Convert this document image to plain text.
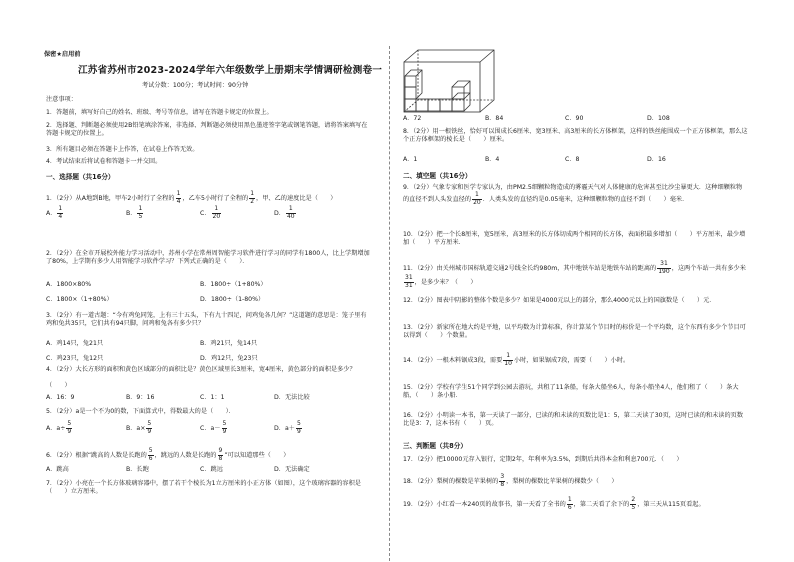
保密★启用前
江苏省苏州市2023-2024学年六年级数学上册期末学情调研检测卷一
考试分数：100分；考试时间：90分钟
注意事项：
1．答题前，填写好自己的姓名、班级、考号等信息，请写在答题卡规定的位置上。
2．选择题、判断题必须使用2B铅笔填涂答案，非选择、判断题必须使用黑色墨迹签字笔或钢笔答题，请将答案填写在答题卡规定的位置上。
3．所有题目必须在答题卡上作答，在试卷上作答无效。
4．考试结束后将试卷和答题卡一并交回。
一、选择题（共16分）
1．（2分）从A地到B地，甲车2小时行了全程的 $\frac{1}{4}$ ，乙车5小时行了全程的 $\frac{1}{2}$ ，甲、乙的速度比是（　　）
A． $\frac{1}{4}$	B． $\frac{1}{5}$	C． $\frac{1}{20}$	D． $\frac{1}{40}$
2．（2分）在全市开展校外能力学习活动中，苏州小学在常州周智能学习软件进行学习的同学有1800人，比上学期增加了80%，上学期有多少人用智能学习软件学习？下列式正确的是（　　）．
A．1800×80%	B．1800÷（1+80%）
C．1800×（1+80%）	D．1800÷（1-80%）
3．（2分）有一道古题：“今有鸡兔同笼，上有三十五头，下有九十四足，问鸡兔各几何？”这道题的意思是：笼子里有鸡和兔共35只，它们共有94只脚，问鸡和兔各有多少只？
A．鸡14只，兔21只	B．鸡21只，兔14只
C．鸡23只，兔12只	D．鸡12只，兔23只
4．（2分）大长方形的面积和黄色区域部分的面积比是？黄色区域里长3厘米，宽4厘米，黄色部分的面积是多少？
（　　）
A．16：9	B．9：16	C．1：1	D．无法比较
5．（2分）a是一个不为0的数，下面算式中，得数最大的是（　　）．
A．$a\div \frac{5}{9}$	B．$a\times \frac{5}{9}$	C．$a- \frac{5}{9}$	D．$a+ \frac{5}{9}$
6．（2分）根据“跳高的人数是长跑的 $\frac{5}{6}$ ，跳远的人数是长跑的 $\frac{9}{8}$ ”可以知道那些（　　）
A．跳高	B．长跑	C．跳远	D．无法确定
7．（2分）小亮在一个长方体玻璃容器中，摆了若干个棱长为1立方厘米的小正方体（如图），这个玻璃容器的容积是（　　）立方厘米。
A．72	B．84	C．90	D．108
8．（2分）用一根铁丝，恰好可以围成长6厘米、宽3厘米、高3厘米的长方体框架，这样的铁丝能围成一个正方体框架，那么这个正方体框架的棱长是（　　）厘米。
A．1	B．4	C．8	D．16
二、填空题（共16分）
9．（2分）气象专家和医学专家认为，由PM2.5细颗粒物造成的雾霾天气对人体健康的危害甚至比沙尘暴更大．这种细颗粒物的直径不到人头发直径的 $\frac{1}{20}$ ．人类头发的直径约是0.05毫米，这种细颗粒物的直径不到（　　）毫米．
10．（2分）把一个长8厘米，宽5厘米，高3厘米的长方体切成两个相同的长方体，表面积最多增加（　　）平方厘米，最少增加（　　）平方厘米．
11．（2分）由关州城市国标轨道交通2号线全长约980m，其中地铁车站是地铁车站的距离的 $\frac{31}{190}$ ，这两个车站一共有多少米
$\frac{31}{31}$ ，是多少米？（　　）
12．（2分）图表中阴影的整体个数是多少？如果是4000元以上的部分，那么4000元以上的国旗数是（　　）元．
13．（2分）新家所在地大约是平地，以平均数为计算标准，你计算某个节目时的标价是一个平均数，这个东西有多少个节目可以得到（　　）个数量。
14．（2分）一根木料锯成3段，需要 $\frac{1}{10}$ 小时，如果锯成7段，需要（　　）小时。
15．（2分）学校有学生51个同学到公园去游玩，共租了11条船，每条大船坐6人，每条小船坐4人，他们租了（　　）条大船，（　　）条小船．
16．（2分）小明读一本书，第一天读了一部分，已读的和未读的页数比是1：5，第二天读了30页，这时已读的和未读的页数比是3：7，这本书有（　　）页。
三、判断题（共8分）
17．（2分）把10000元存入银行，定期2年，年利率为3.5%，到期后共得本金和利息700元．（　　）
18．（2分）梨树的棵数是苹果树的 $\frac{3}{8}$ ，梨树的棵数比苹果树的棵数少（　　）
19．（2分）小红看一本240页的故事书，第一天看了全书的 $\frac{1}{6}$ ，第二天看了余下的 $\frac{2}{5}$ ，第三天从115页看起。
